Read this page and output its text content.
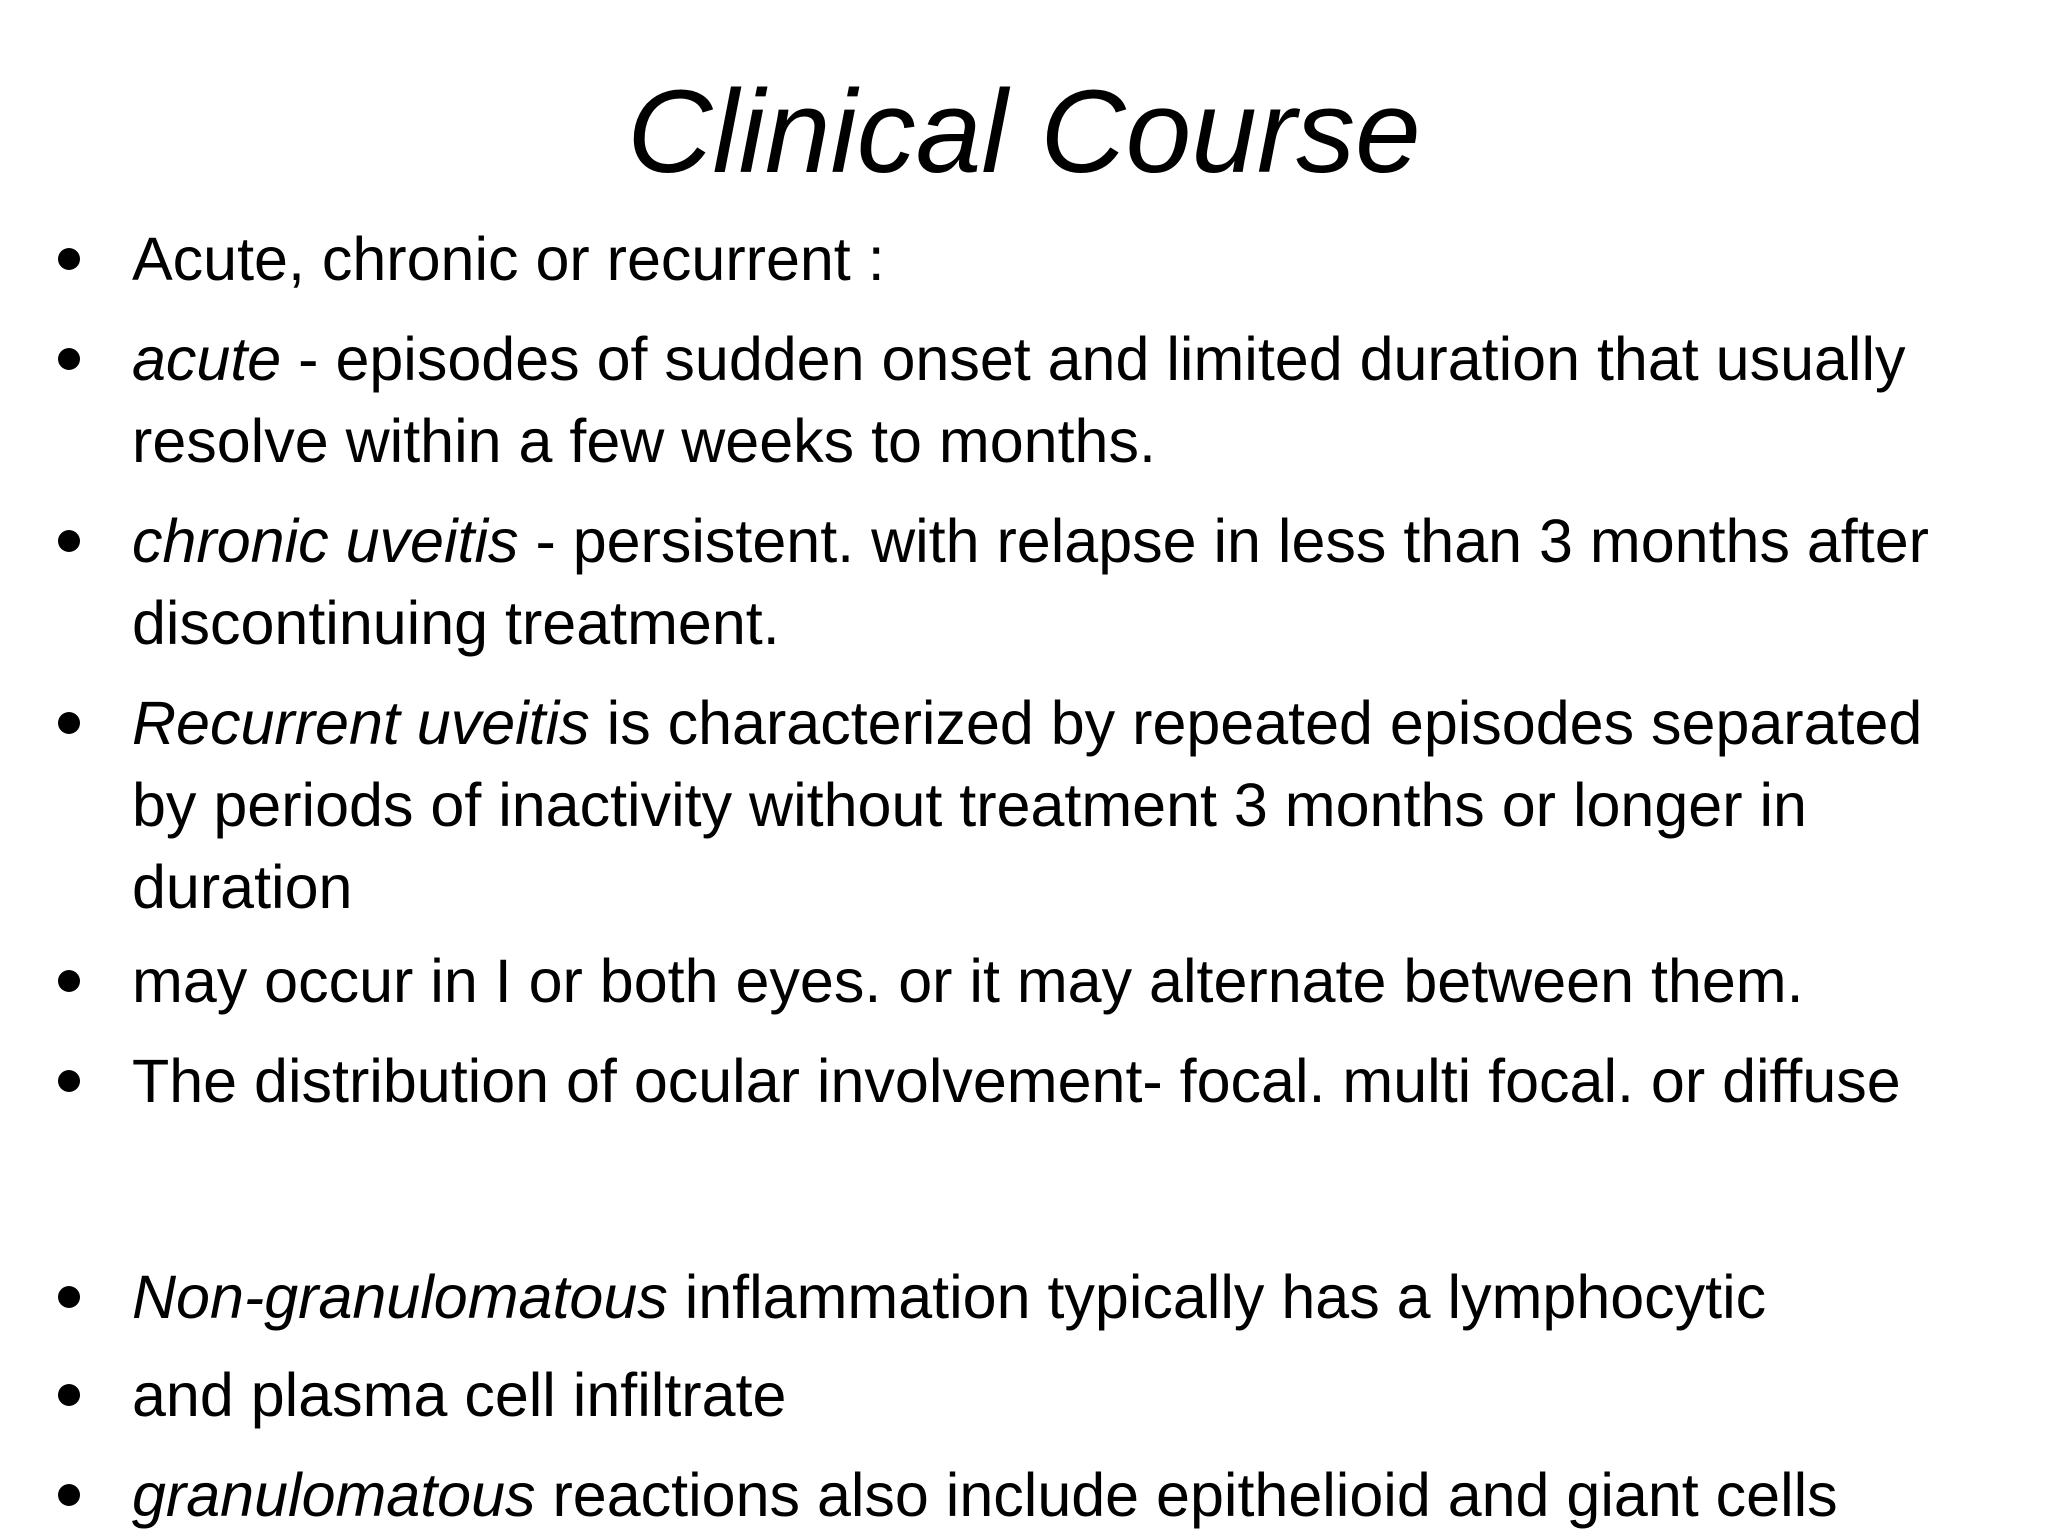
Clinical Course
Acute, chronic or recurrent :
acute - episodes of sudden onset and limited duration that usually
resolve within a few weeks to months.
chronic uveitis - persistent. with relapse in less than 3 months after
discontinuing treatment.
Recurrent uveitis is characterized by repeated episodes separated
by periods of inactivity without treatment 3 months or longer in
duration
may occur in I or both eyes. or it may alternate between them.
The distribution of ocular involvement- focal. multi focal. or diffuse
Non-granulomatous inflammation typically has a lymphocytic
and plasma cell infiltrate
granulomatous reactions also include epithelioid and giant cells
